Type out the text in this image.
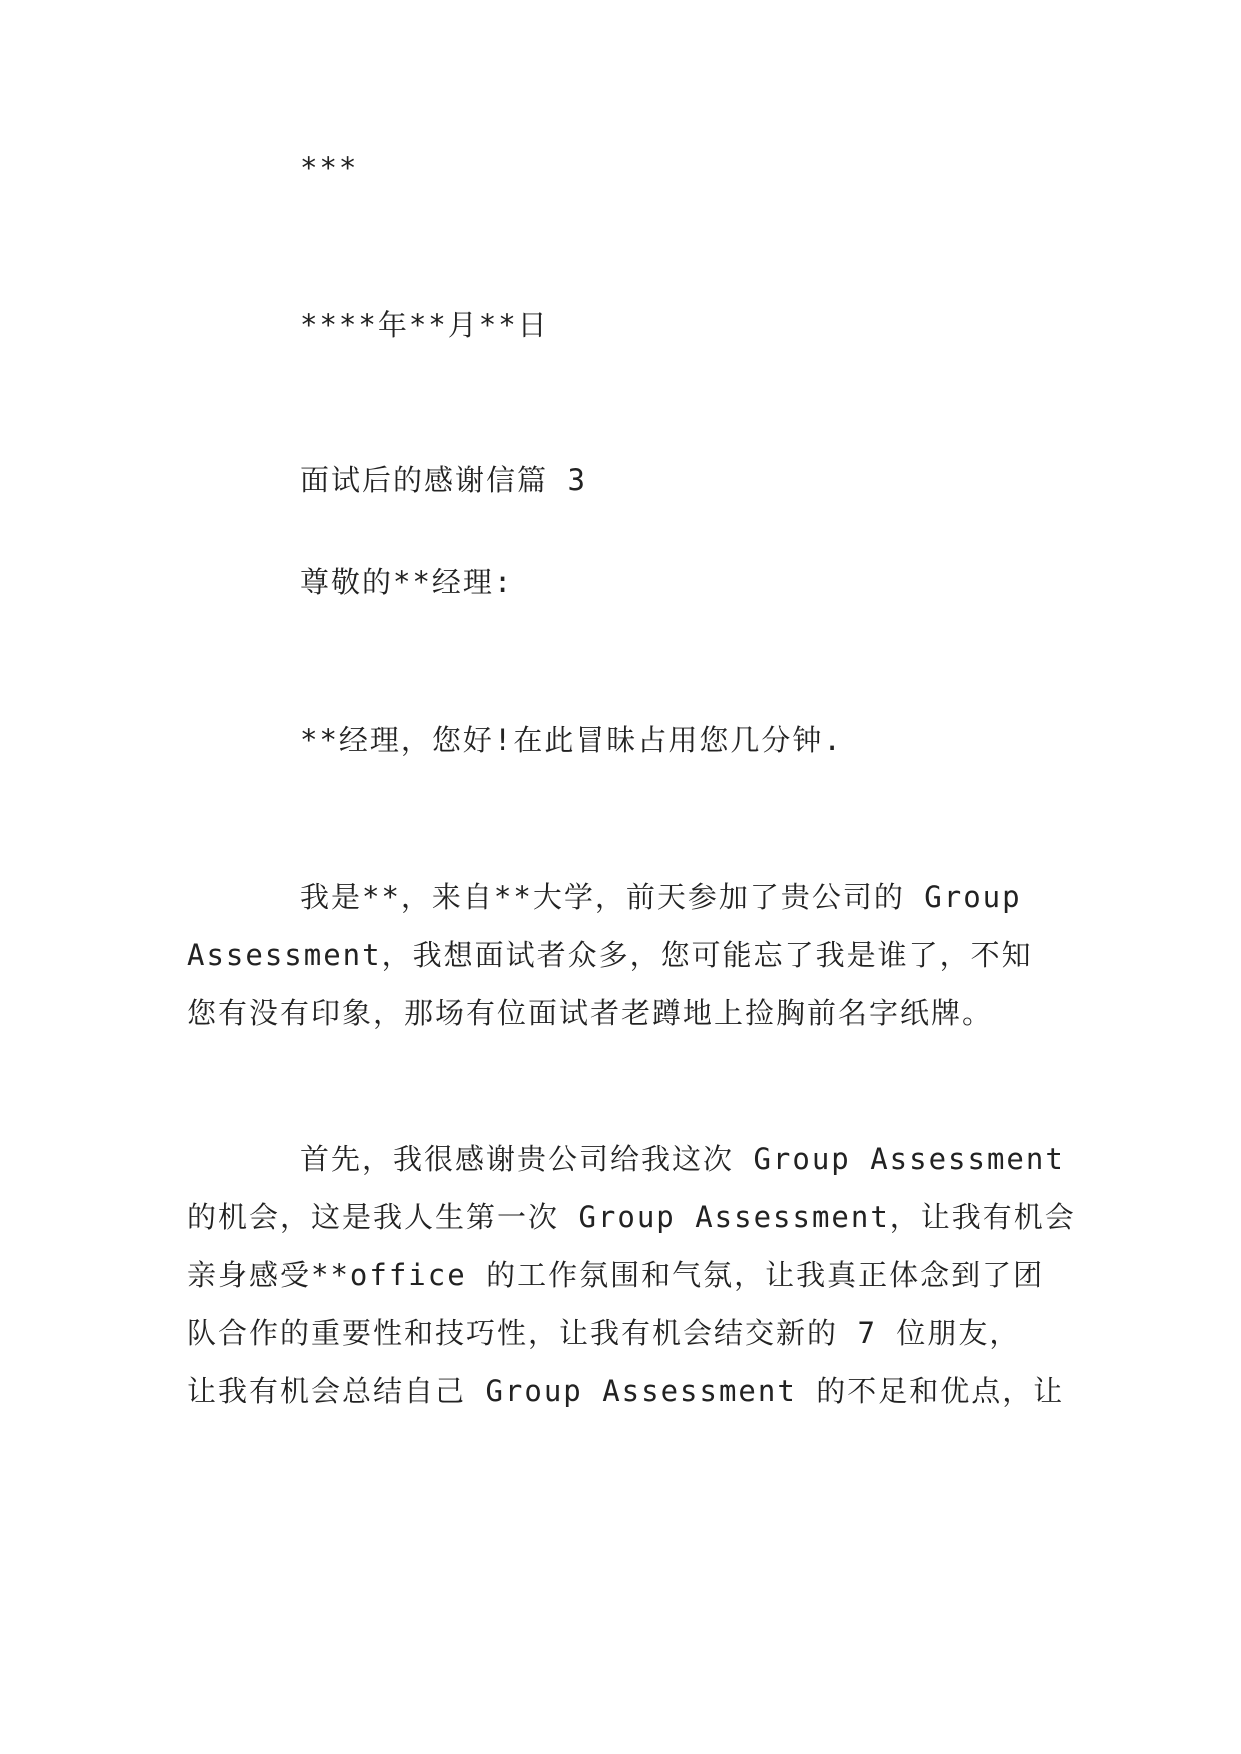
***
****年**月**日
面试后的感谢信篇 3
尊敬的**经理:
**经理，您好!在此冒昧占用您几分钟.
我是**，来自**大学，前天参加了贵公司的 Group
Assessment，我想面试者众多，您可能忘了我是谁了，不知
您有没有印象，那场有位面试者老蹲地上捡胸前名字纸牌。
首先，我很感谢贵公司给我这次 Group Assessment
的机会，这是我人生第一次 Group Assessment，让我有机会
亲身感受**office 的工作氛围和气氛，让我真正体念到了团
队合作的重要性和技巧性，让我有机会结交新的 7 位朋友，
让我有机会总结自己 Group Assessment 的不足和优点，让
